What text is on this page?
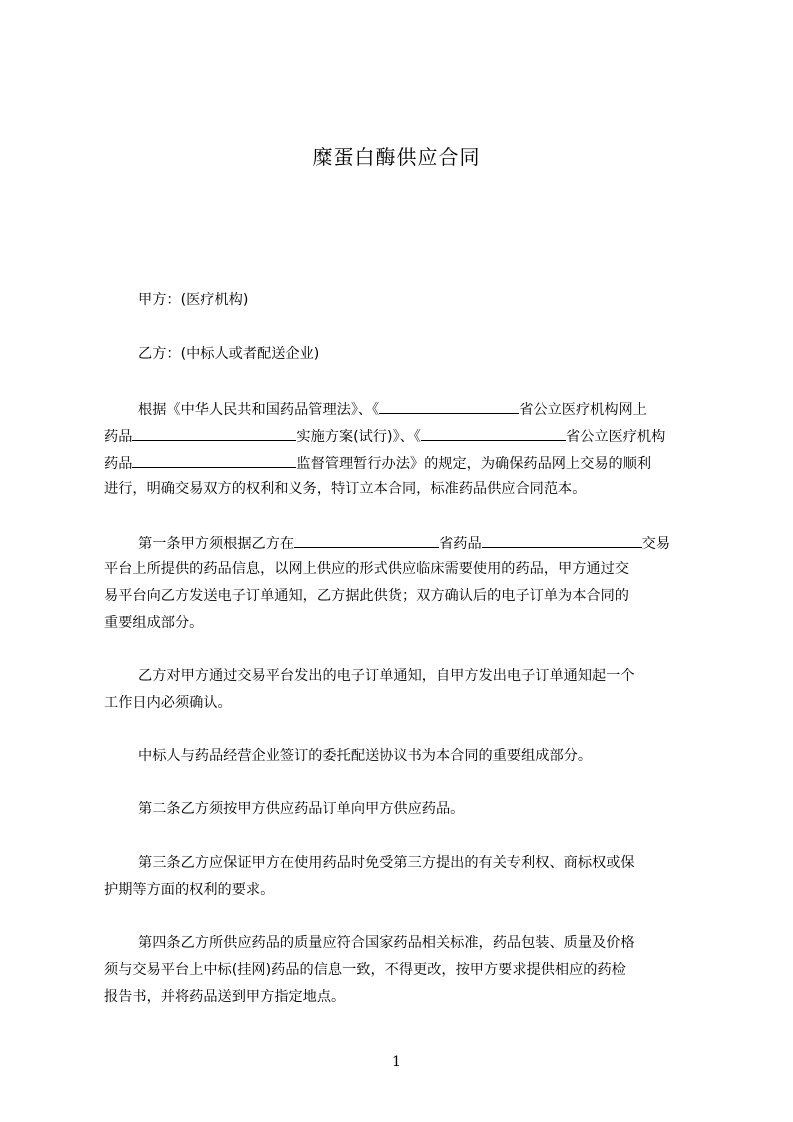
糜蛋白酶供应合同
甲方：(医疗机构)
乙方：(中标人或者配送企业)
根据《中华人民共和国药品管理法》、《	省公立医疗机构网上
药品	实施方案(试行)》、《	省公立医疗机构
药品	监督管理暂行办法》的规定，为确保药品网上交易的顺利
进行，明确交易双方的权利和义务，特订立本合同，标准药品供应合同范本。
第一条甲方须根据乙方在	省药品	交易
平台上所提供的药品信息，以网上供应的形式供应临床需要使用的药品，甲方通过交
易平台向乙方发送电子订单通知，乙方据此供货；双方确认后的电子订单为本合同的
重要组成部分。
乙方对甲方通过交易平台发出的电子订单通知，自甲方发出电子订单通知起一个
工作日内必须确认。
中标人与药品经营企业签订的委托配送协议书为本合同的重要组成部分。
第二条乙方须按甲方供应药品订单向甲方供应药品。
第三条乙方应保证甲方在使用药品时免受第三方提出的有关专利权、商标权或保
护期等方面的权利的要求。
第四条乙方所供应药品的质量应符合国家药品相关标准，药品包装、质量及价格
须与交易平台上中标(挂网)药品的信息一致，不得更改，按甲方要求提供相应的药检
报告书，并将药品送到甲方指定地点。
1
